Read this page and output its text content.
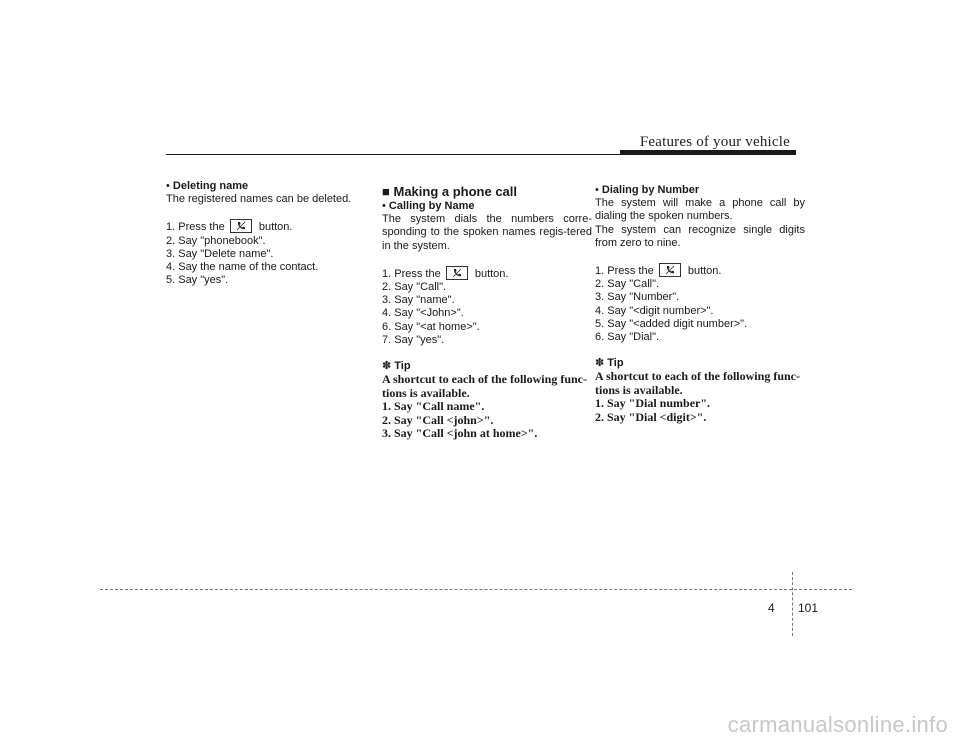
Features of your vehicle

• Deleting name

The registered names can be deleted.

1. Press the	button.

2. Say "phonebook".

3. Say "Delete name".

4. Say the name of the contact.

5. Say "yes".

■ Making a phone call

• Calling by Name

The system dials the numbers corre-sponding to the spoken names regis-tered in the system.

1. Press the	button.

2. Say "Call".

3. Say "name".

4. Say "<John>".

6. Say "<at home>".

7. Say "yes".

✽ Tip

A shortcut to each of the following func-tions is available.

1. Say "Call name".

2. Say "Call <john>".

3. Say "Call <john at home>".

• Dialing by Number

The system will make a phone call by dialing the spoken numbers.

The system can recognize single digits from zero to nine.

1. Press the	button.

2. Say "Call".

3. Say "Number".

4. Say "<digit number>".

5. Say "<added digit number>".

6. Say "Dial".

✽ Tip

A shortcut to each of the following func-tions is available.

1. Say "Dial number".

2. Say "Dial <digit>".

4 101
carmanualsonline.info
